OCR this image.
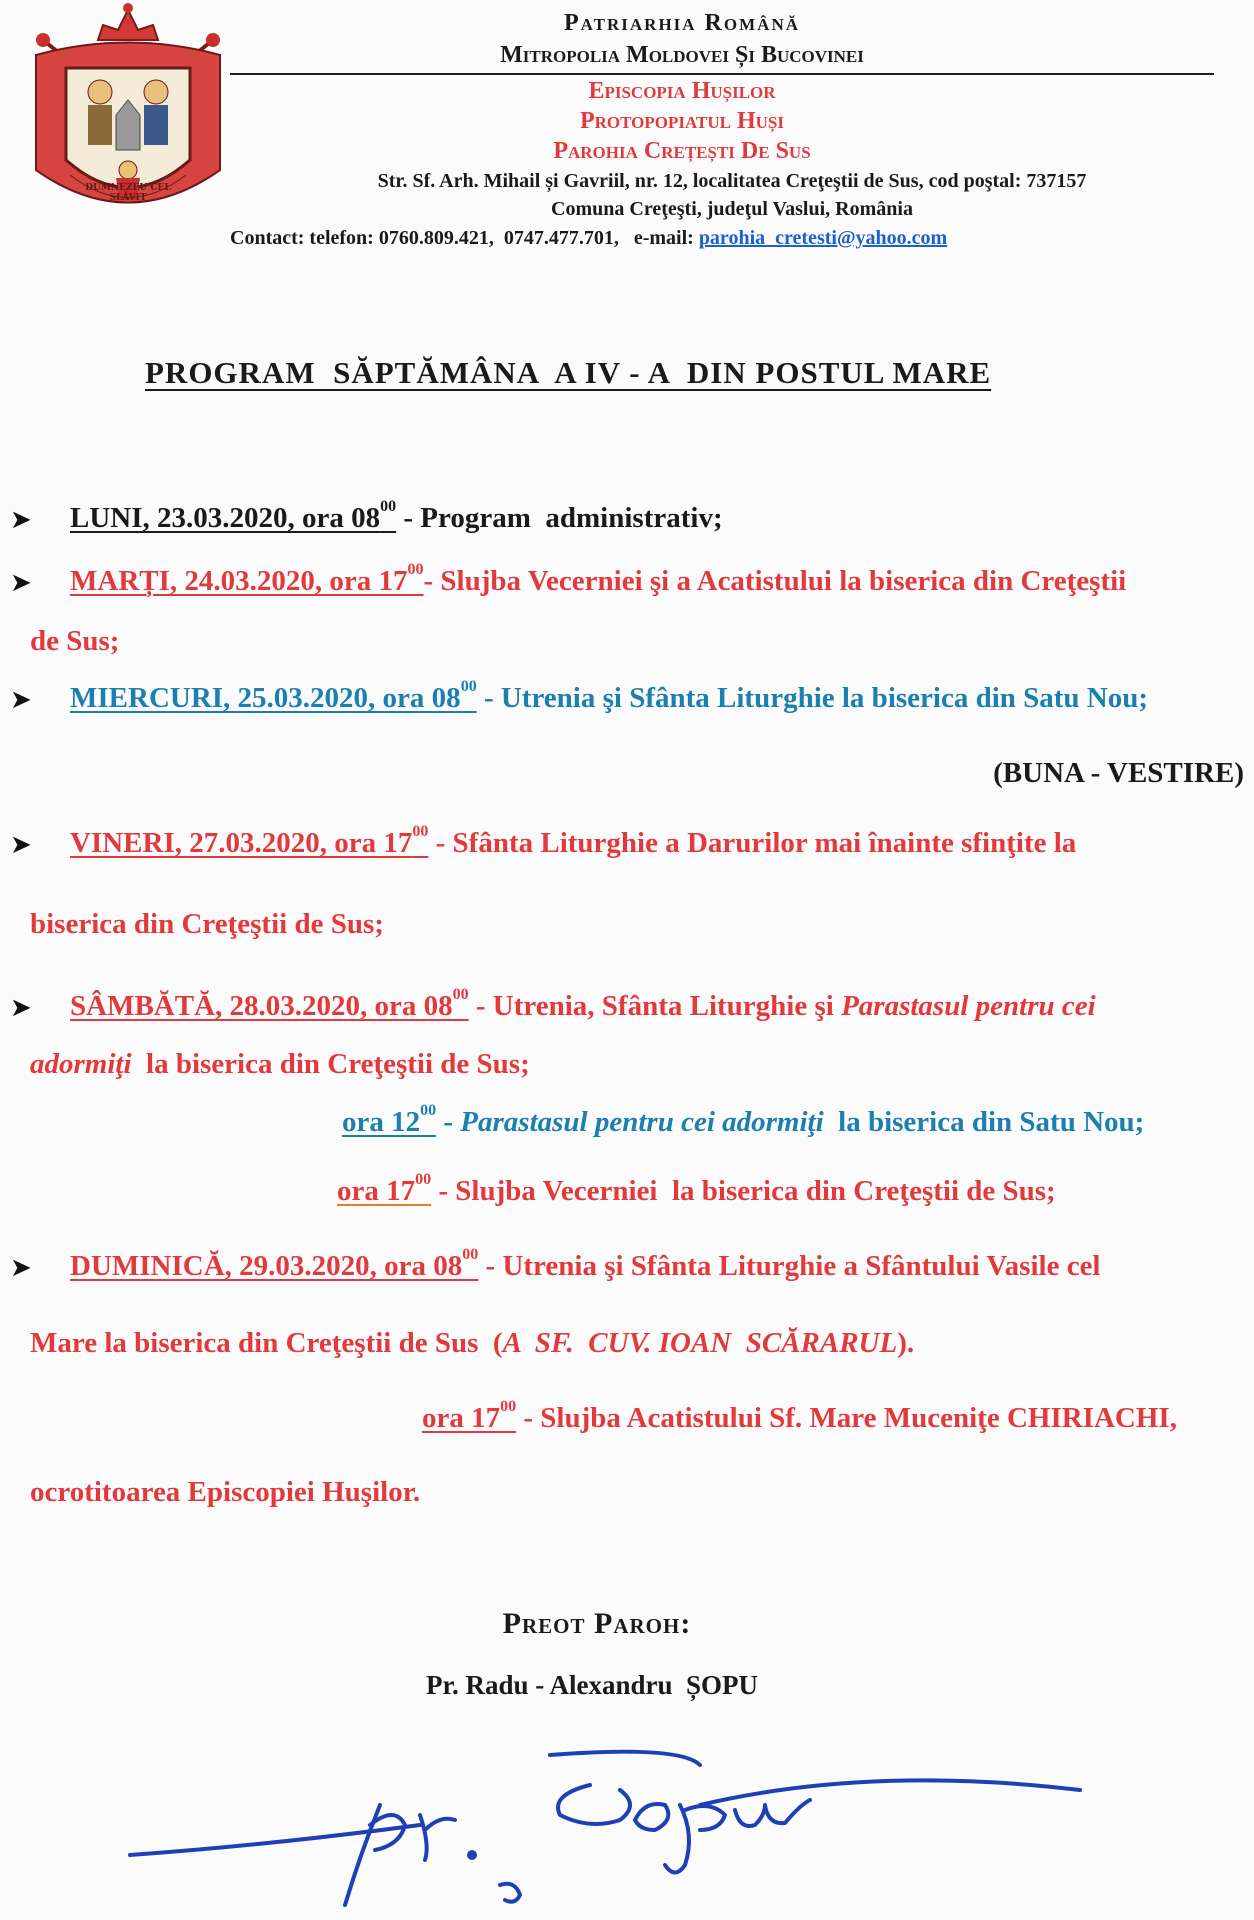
DUMNEZEU CEL SLĂVIT
Patriarhia Română
Mitropolia Moldovei Și Bucovinei
Episcopia Hușilor
Protopopiatul Huși
Parohia Crețești De Sus
Str. Sf. Arh. Mihail și Gavriil, nr. 12, localitatea Creţeştii de Sus, cod poştal: 737157
Comuna Creţeşti, judeţul Vaslui, România
Contact: telefon: 0760.809.421,  0747.477.701,   e-mail: parohia_cretesti@yahoo.com
PROGRAM  SĂPTĂMÂNA  A IV - A  DIN POSTUL MARE
➤ LUNI, 23.03.2020, ora $08^{00}$ - Program  administrativ;
➤ MARȚI, 24.03.2020, ora $17^{00}-$ Slujba Vecerniei şi a Acatistului la biserica din Creţeştii
de Sus;
➤ MIERCURI, 25.03.2020, ora $08^{00}$ - Utrenia şi Sfânta Liturghie la biserica din Satu Nou;
(BUNA - VESTIRE)
➤ VINERI, 27.03.2020, ora $17^{00}$ - Sfânta Liturghie a Darurilor mai înainte sfinţite la
biserica din Creţeştii de Sus;
➤ SÂMBĂTĂ, 28.03.2020, ora $08^{00}$ - Utrenia, Sfânta Liturghie şi Parastasul pentru cei
adormiţi  la biserica din Creţeştii de Sus;
ora $12^{00}$ - Parastasul pentru cei adormiţi  la biserica din Satu Nou;
ora $17^{00}$ - Slujba Vecerniei  la biserica din Creţeştii de Sus;
➤ DUMINICĂ, 29.03.2020, ora $08^{00}$ - Utrenia şi Sfânta Liturghie a Sfântului Vasile cel
Mare la biserica din Creţeştii de Sus  (A  SF.  CUV. IOAN  SCĂRARUL).
ora $17^{00}$ - Slujba Acatistului Sf. Mare Muceniţe CHIRIACHI,
ocrotitoarea Episcopiei Huşilor.
Preot Paroh:
Pr. Radu - Alexandru  ȘOPU
